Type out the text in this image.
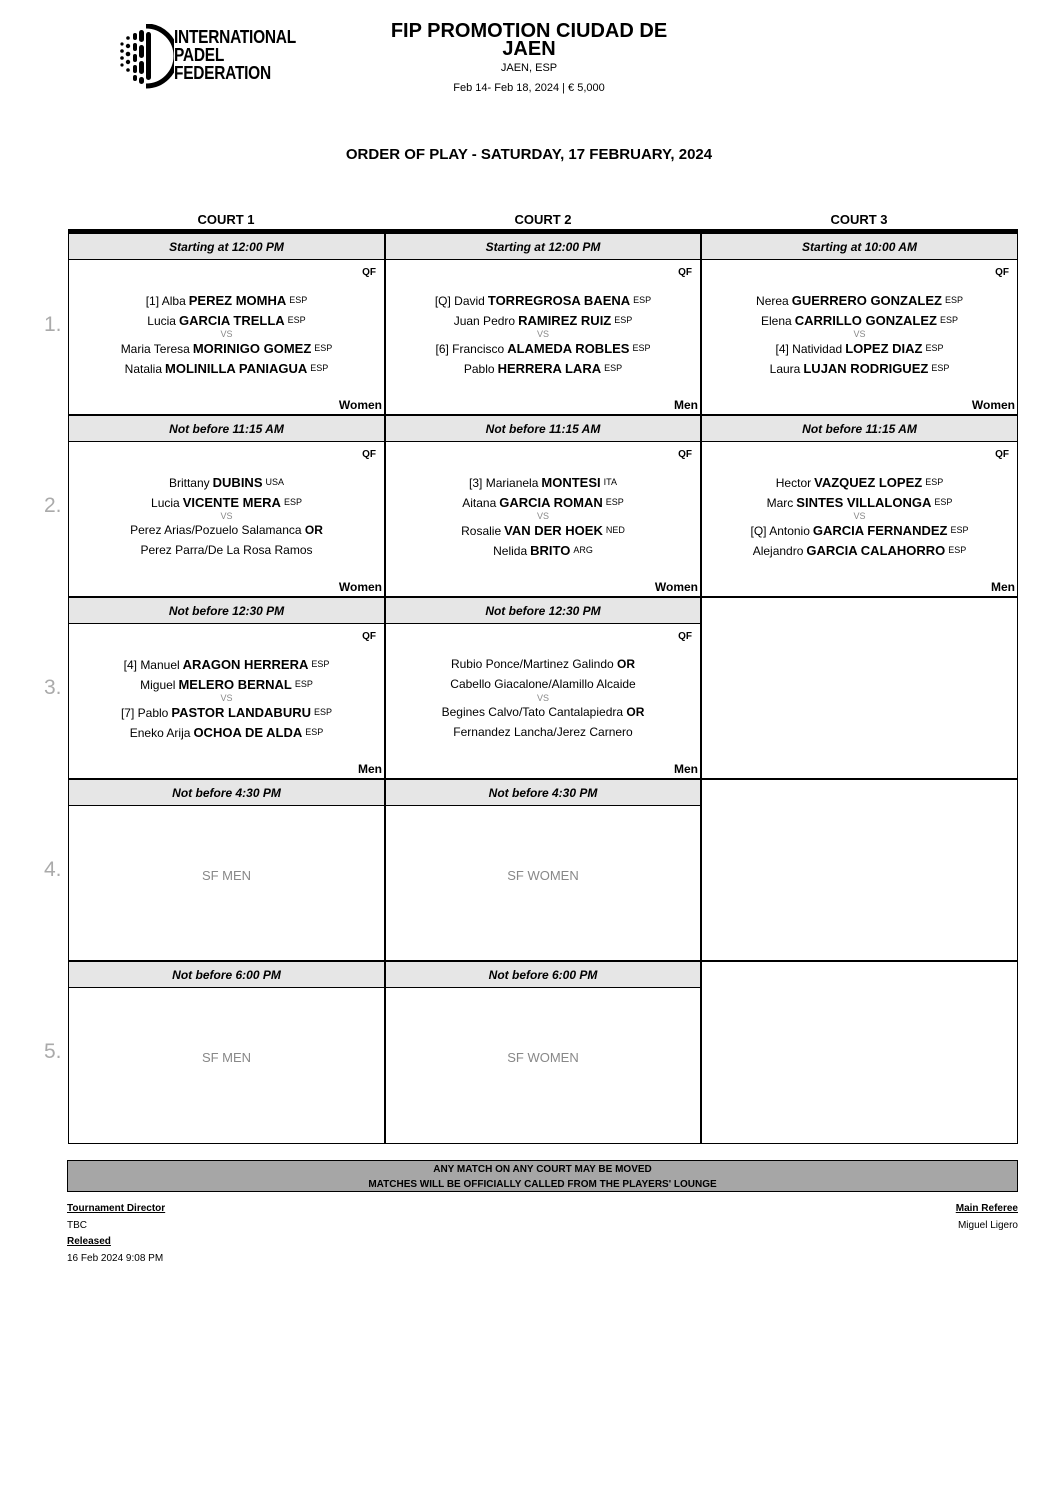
INTERNATIONAL
PADEL
FEDERATION
FIP PROMOTION CIUDAD DE JAEN
JAEN, ESP
Feb 14- Feb 18, 2024 | € 5,000
ORDER OF PLAY - SATURDAY, 17 FEBRUARY, 2024
COURT 1	COURT 2	COURT 3
1.
2.
3.
4.
5.
Starting at 12:00 PM
QF
[1] Alba PEREZ MOMHA ESP
Lucia GARCIA TRELLA ESP
VS
Maria Teresa MORINIGO GOMEZ ESP
Natalia MOLINILLA PANIAGUA ESP
Women
Starting at 12:00 PM
QF
[Q] David TORREGROSA BAENA ESP
Juan Pedro RAMIREZ RUIZ ESP
VS
[6] Francisco ALAMEDA ROBLES ESP
Pablo HERRERA LARA ESP
Men
Starting at 10:00 AM
QF
Nerea GUERRERO GONZALEZ ESP
Elena CARRILLO GONZALEZ ESP
VS
[4] Natividad LOPEZ DIAZ ESP
Laura LUJAN RODRIGUEZ ESP
Women
Not before 11:15 AM
QF
Brittany DUBINS USA
Lucia VICENTE MERA ESP
VS
Perez Arias/Pozuelo Salamanca OR
Perez Parra/De La Rosa Ramos
Women
Not before 11:15 AM
QF
[3] Marianela MONTESI ITA
Aitana GARCIA ROMAN ESP
VS
Rosalie VAN DER HOEK NED
Nelida BRITO ARG
Women
Not before 11:15 AM
QF
Hector VAZQUEZ LOPEZ ESP
Marc SINTES VILLALONGA ESP
VS
[Q] Antonio GARCIA FERNANDEZ ESP
Alejandro GARCIA CALAHORRO ESP
Men
Not before 12:30 PM
QF
[4] Manuel ARAGON HERRERA ESP
Miguel MELERO BERNAL ESP
VS
[7] Pablo PASTOR LANDABURU ESP
Eneko Arija OCHOA DE ALDA ESP
Men
Not before 12:30 PM
QF
Rubio Ponce/Martinez Galindo OR
Cabello Giacalone/Alamillo Alcaide
VS
Begines Calvo/Tato Cantalapiedra OR
Fernandez Lancha/Jerez Carnero
Men
Not before 4:30 PM
SF MEN
Not before 4:30 PM
SF WOMEN
Not before 6:00 PM
SF MEN
Not before 6:00 PM
SF WOMEN
ANY MATCH ON ANY COURT MAY BE MOVED
MATCHES WILL BE OFFICIALLY CALLED FROM THE PLAYERS' LOUNGE
Tournament Director
TBC
Released
16 Feb 2024 9:08 PM
Main Referee
Miguel Ligero
